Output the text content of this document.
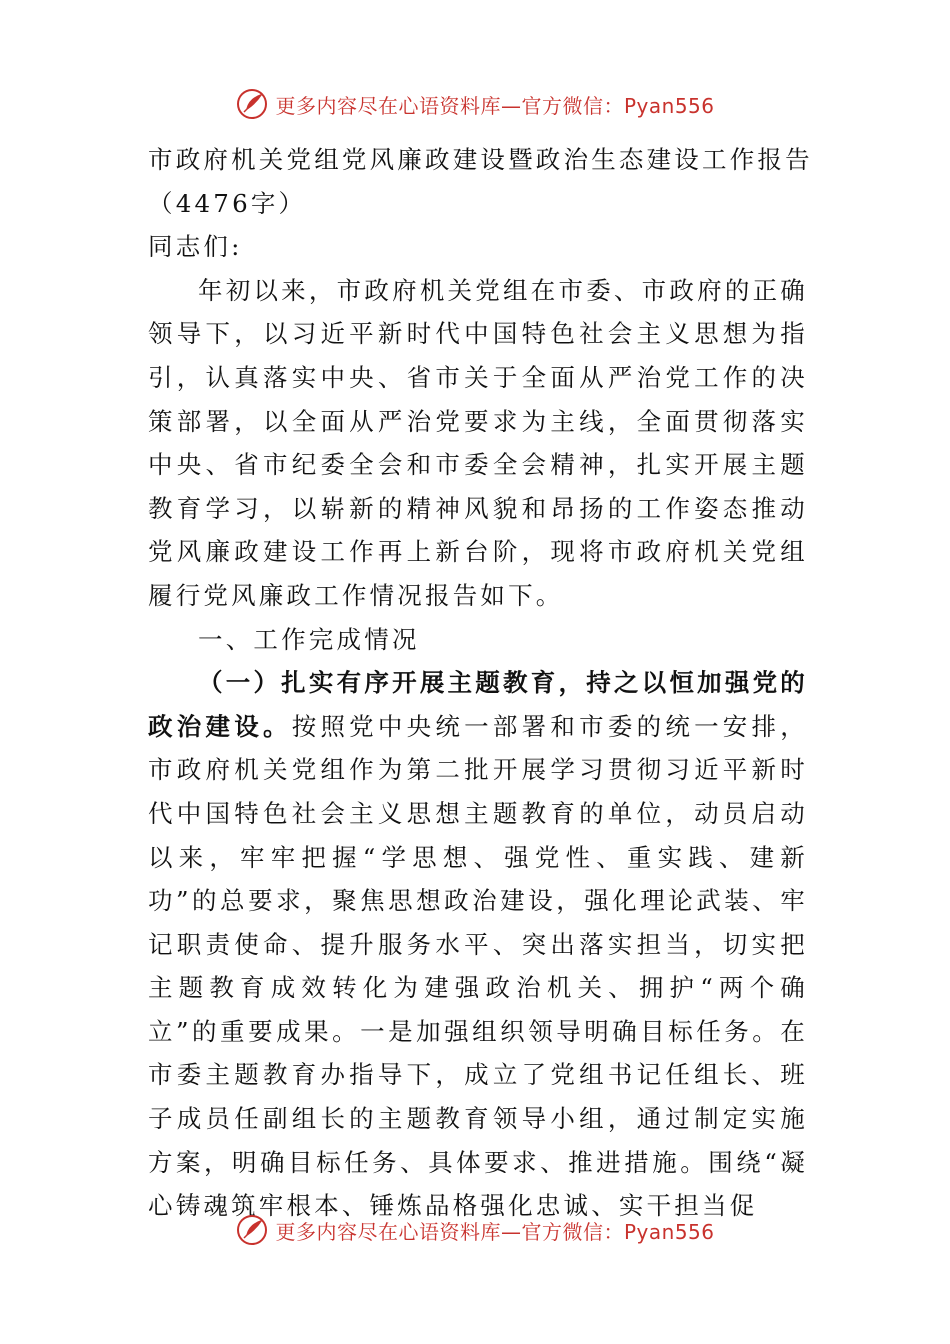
更多内容尽在心语资料库—官方微信：Pyan556
市政府机关党组党风廉政建设暨政治生态建设工作报告
（4476字）
同志们:
年初以来，市政府机关党组在市委、市政府的正确领导下，以习近平新时代中国特色社会主义思想为指引，认真落实中央、省市关于全面从严治党工作的决策部署，以全面从严治党要求为主线，全面贯彻落实中央、省市纪委全会和市委全会精神，扎实开展主题教育学习，以崭新的精神风貌和昂扬的工作姿态推动党风廉政建设工作再上新台阶，现将市政府机关党组履行党风廉政工作情况报告如下。
一、工作完成情况
（一）扎实有序开展主题教育，持之以恒加强党的政治建设。按照党中央统一部署和市委的统一安排，市政府机关党组作为第二批开展学习贯彻习近平新时代中国特色社会主义思想主题教育的单位，动员启动以来，牢牢把握“学思想、强党性、重实践、建新功”的总要求，聚焦思想政治建设，强化理论武装、牢记职责使命、提升服务水平、突出落实担当，切实把主题教育成效转化为建强政治机关、拥护“两个确立”的重要成果。一是加强组织领导明确目标任务。在市委主题教育办指导下，成立了党组书记任组长、班子成员任副组长的主题教育领导小组，通过制定实施方案，明确目标任务、具体要求、推进措施。围绕“凝心铸魂筑牢根本、锤炼品格强化忠诚、实干担当促
更多内容尽在心语资料库—官方微信：Pyan556
